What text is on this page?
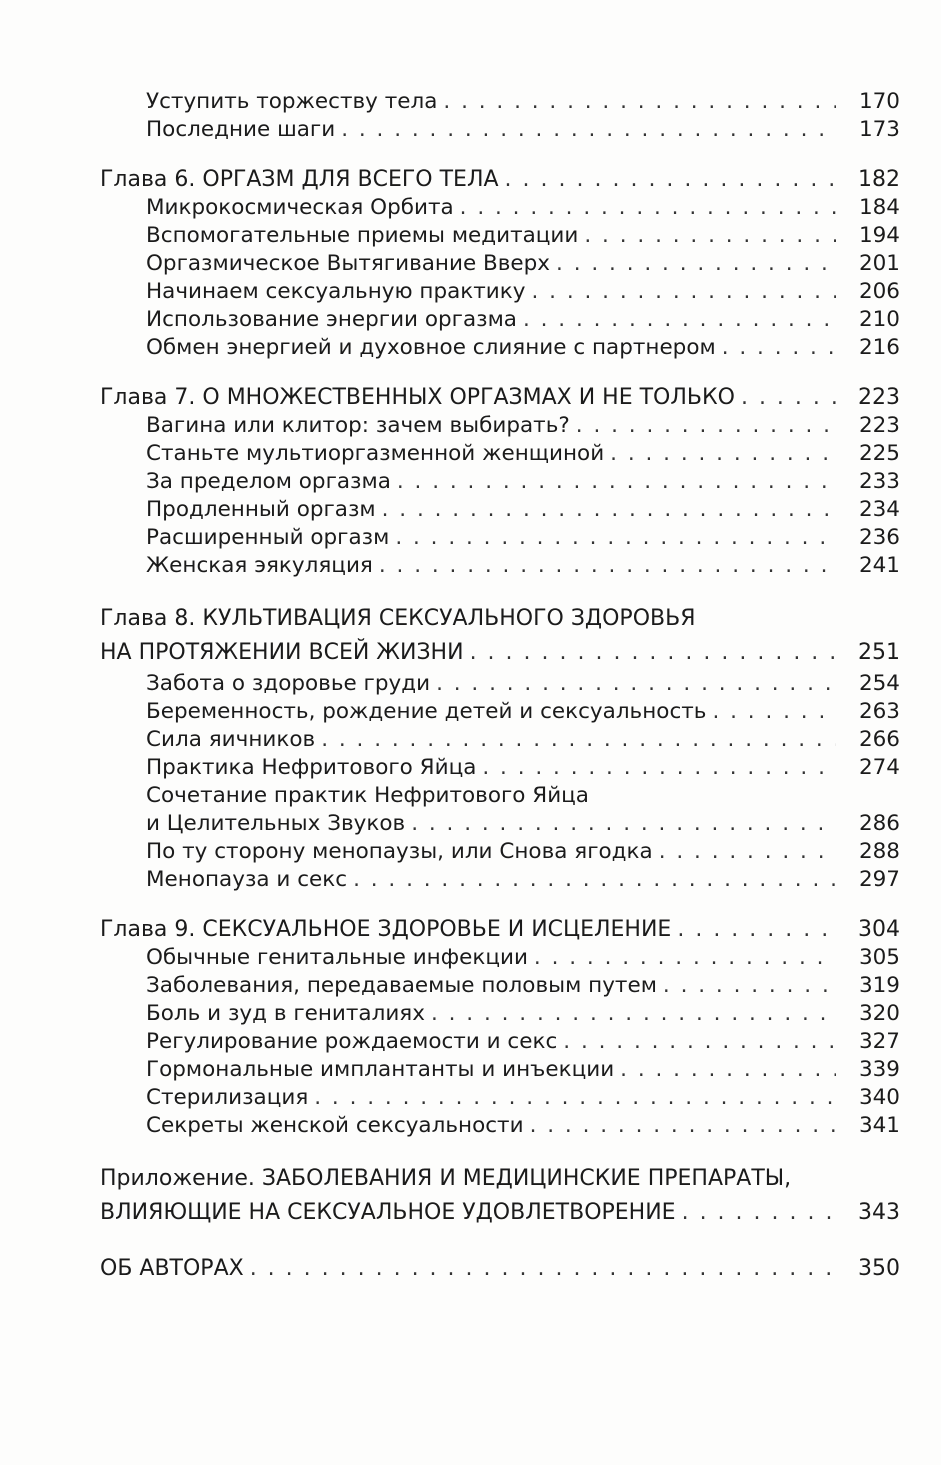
Уступить торжеству тела . . .	170
Последние шаги . . .	173
Глава 6. ОРГАЗМ ДЛЯ ВСЕГО ТЕЛА . . .	182
Микрокосмическая Орбита . . .	184
Вспомогательные приемы медитации . . .	194
Оргазмическое Вытягивание Вверх . . .	201
Начинаем сексуальную практику . . .	206
Использование энергии оргазма . . .	210
Обмен энергией и духовное слияние с партнером . . .	216
Глава 7. О МНОЖЕСТВЕННЫХ ОРГАЗМАХ И НЕ ТОЛЬКО . . .	223
Вагина или клитор: зачем выбирать? . . .	223
Станьте мультиоргазменной женщиной . . .	225
За пределом оргазма . . .	233
Продленный оргазм . . .	234
Расширенный оргазм . . .	236
Женская эякуляция . . .	241
Глава 8. КУЛЬТИВАЦИЯ СЕКСУАЛЬНОГО ЗДОРОВЬЯ
НА ПРОТЯЖЕНИИ ВСЕЙ ЖИЗНИ . . .	251
Забота о здоровье груди . . .	254
Беременность, рождение детей и сексуальность . . .	263
Сила яичников . . .	266
Практика Нефритового Яйца . . .	274
Сочетание практик Нефритового Яйца
и Целительных Звуков . . .	286
По ту сторону менопаузы, или Снова ягодка . . .	288
Менопауза и секс . . .	297
Глава 9. СЕКСУАЛЬНОЕ ЗДОРОВЬЕ И ИСЦЕЛЕНИЕ . . .	304
Обычные генитальные инфекции . . .	305
Заболевания, передаваемые половым путем . . .	319
Боль и зуд в гениталиях . . .	320
Регулирование рождаемости и секс . . .	327
Гормональные имплантанты и инъекции . . .	339
Стерилизация . . .	340
Секреты женской сексуальности . . .	341
Приложение. ЗАБОЛЕВАНИЯ И МЕДИЦИНСКИЕ ПРЕПАРАТЫ,
ВЛИЯЮЩИЕ НА СЕКСУАЛЬНОЕ УДОВЛЕТВОРЕНИЕ . . .	343
ОБ АВТОРАХ . . .	350
